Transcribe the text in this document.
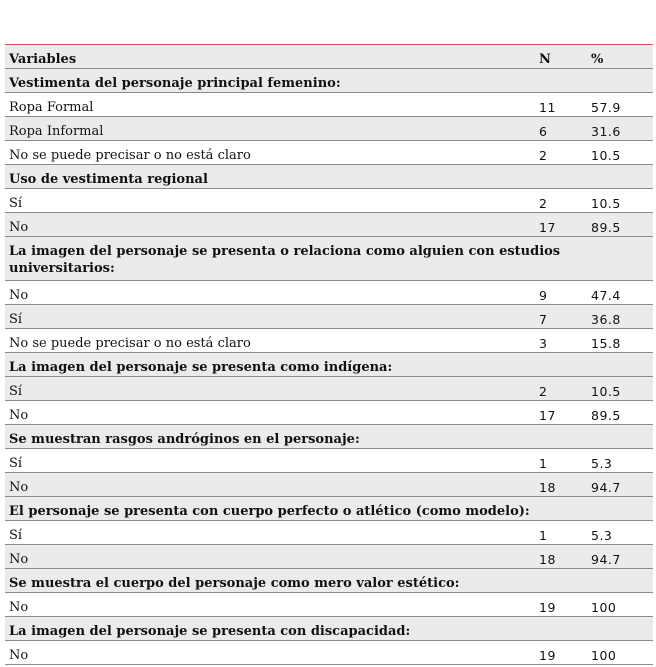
Variables	N	%
Vestimenta del personaje principal femenino:		
Ropa Formal	11	57.9
Ropa Informal	6	31.6
No se puede precisar o no está claro	2	10.5
Uso de vestimenta regional		
Sí	2	10.5
No	17	89.5
La imagen del personaje se presenta o relaciona como alguien con estudios universitarios:		
No	9	47.4
Sí	7	36.8
No se puede precisar o no está claro	3	15.8
La imagen del personaje se presenta como indígena:		
Sí	2	10.5
No	17	89.5
Se muestran rasgos andróginos en el personaje:		
Sí	1	5.3
No	18	94.7
El personaje se presenta con cuerpo perfecto o atlético (como modelo):		
Sí	1	5.3
No	18	94.7
Se muestra el cuerpo del personaje como mero valor estético:		
No	19	100
La imagen del personaje se presenta con discapacidad:		
No	19	100
